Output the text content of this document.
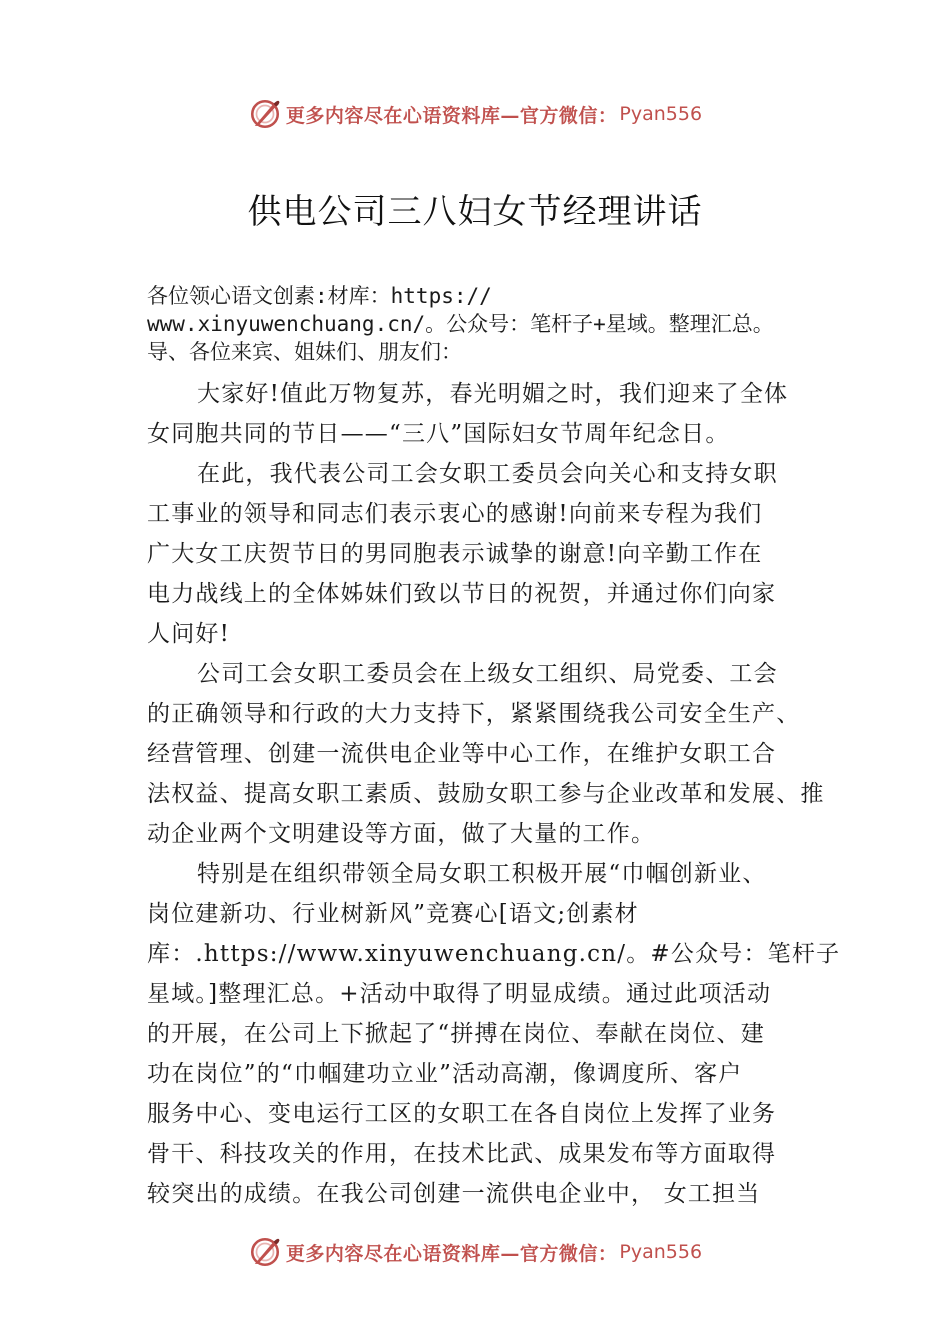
更多内容尽在心语资料库—官方微信： Pyan556
供电公司三八妇女节经理讲话
各位领心语文创素:材库：https://
www.xinyuwenchuang.cn/。公众号：笔杆子+星域。整理汇总。
导、各位来宾、姐妹们、朋友们：
大家好!值此万物复苏，春光明媚之时，我们迎来了全体
女同胞共同的节日——“三八”国际妇女节周年纪念日。
在此，我代表公司工会女职工委员会向关心和支持女职
工事业的领导和同志们表示衷心的感谢!向前来专程为我们
广大女工庆贺节日的男同胞表示诚挚的谢意!向辛勤工作在
电力战线上的全体姊妹们致以节日的祝贺，并通过你们向家
人问好!
公司工会女职工委员会在上级女工组织、局党委、工会
的正确领导和行政的大力支持下，紧紧围绕我公司安全生产、
经营管理、创建一流供电企业等中心工作，在维护女职工合
法权益、提高女职工素质、鼓励女职工参与企业改革和发展、推
动企业两个文明建设等方面，做了大量的工作。
特别是在组织带领全局女职工积极开展“巾帼创新业、
岗位建新功、行业树新风”竞赛心[语文;创素材
库：.https://www.xinyuwenchuang.cn/。#公众号：笔杆子
星域。]整理汇总。+活动中取得了明显成绩。通过此项活动
的开展，在公司上下掀起了“拼搏在岗位、奉献在岗位、建
功在岗位”的“巾帼建功立业”活动高潮，像调度所、客户
服务中心、变电运行工区的女职工在各自岗位上发挥了业务
骨干、科技攻关的作用，在技术比武、成果发布等方面取得
较突出的成绩。在我公司创建一流供电企业中， 女工担当
更多内容尽在心语资料库—官方微信： Pyan556
